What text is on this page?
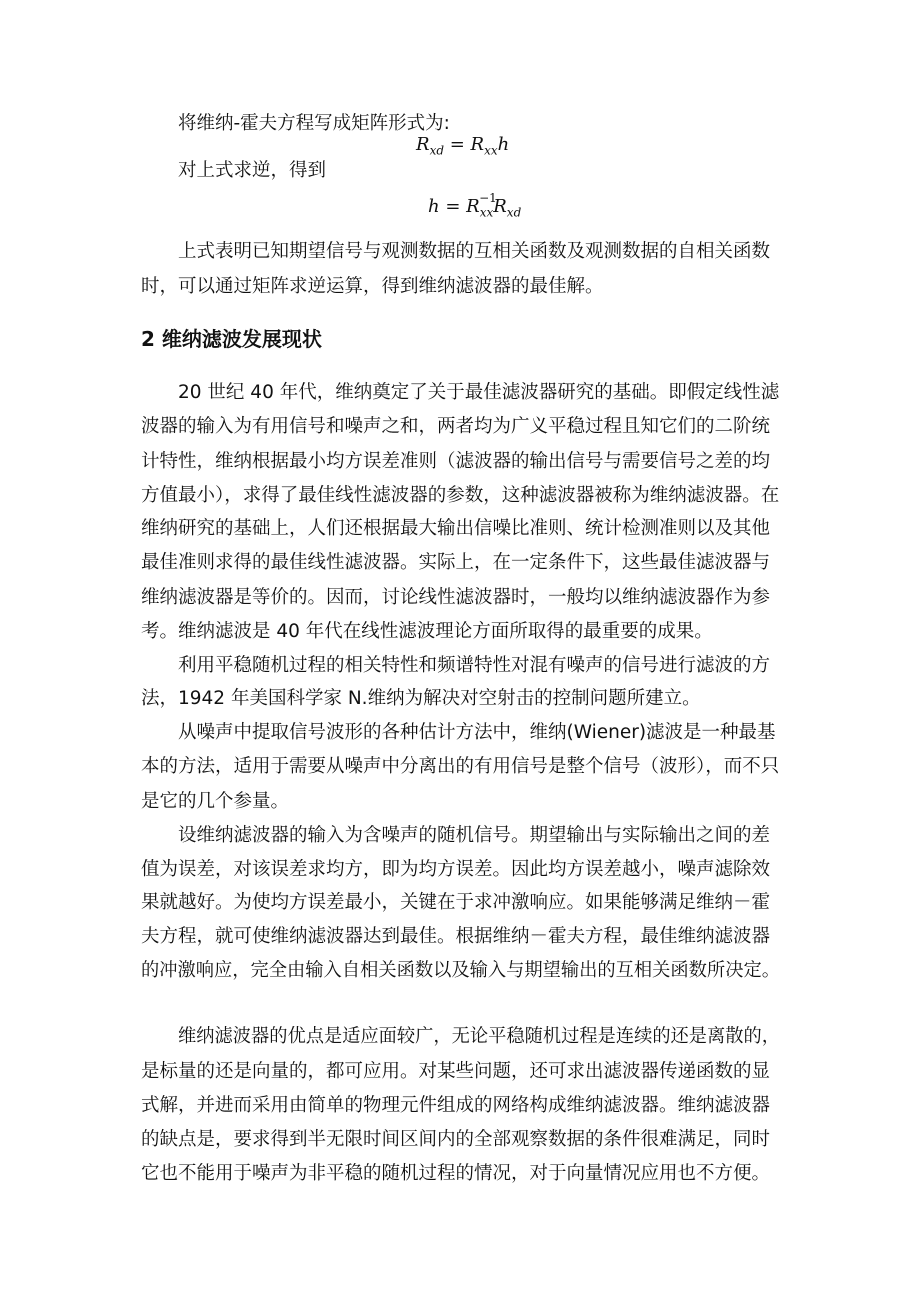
将维纳-霍夫方程写成矩阵形式为:
$R_{xd} = R_{xx}h$
对上式求逆，得到
h = R −1
$_{xx}R_{xd}$
上式表明已知期望信号与观测数据的互相关函数及观测数据的自相关函数
时，可以通过矩阵求逆运算，得到维纳滤波器的最佳解。
2 维纳滤波发展现状
20 世纪 40 年代，维纳奠定了关于最佳滤波器研究的基础。即假定线性滤
波器的输入为有用信号和噪声之和，两者均为广义平稳过程且知它们的二阶统
计特性，维纳根据最小均方误差准则（滤波器的输出信号与需要信号之差的均
方值最小），求得了最佳线性滤波器的参数，这种滤波器被称为维纳滤波器。在
维纳研究的基础上，人们还根据最大输出信噪比准则、统计检测准则以及其他
最佳准则求得的最佳线性滤波器。实际上，在一定条件下，这些最佳滤波器与
维纳滤波器是等价的。因而，讨论线性滤波器时，一般均以维纳滤波器作为参
考。维纳滤波是 40 年代在线性滤波理论方面所取得的最重要的成果。
利用平稳随机过程的相关特性和频谱特性对混有噪声的信号进行滤波的方
法，1942 年美国科学家 N.维纳为解决对空射击的控制问题所建立。
从噪声中提取信号波形的各种估计方法中，维纳(Wiener)滤波是一种最基
本的方法，适用于需要从噪声中分离出的有用信号是整个信号（波形），而不只
是它的几个参量。
设维纳滤波器的输入为含噪声的随机信号。期望输出与实际输出之间的差
值为误差，对该误差求均方，即为均方误差。因此均方误差越小，噪声滤除效
果就越好。为使均方误差最小，关键在于求冲激响应。如果能够满足维纳－霍
夫方程，就可使维纳滤波器达到最佳。根据维纳－霍夫方程，最佳维纳滤波器
的冲激响应，完全由输入自相关函数以及输入与期望输出的互相关函数所决定。
维纳滤波器的优点是适应面较广，无论平稳随机过程是连续的还是离散的，
是标量的还是向量的，都可应用。对某些问题，还可求出滤波器传递函数的显
式解，并进而采用由简单的物理元件组成的网络构成维纳滤波器。维纳滤波器
的缺点是，要求得到半无限时间区间内的全部观察数据的条件很难满足，同时
它也不能用于噪声为非平稳的随机过程的情况，对于向量情况应用也不方便。
